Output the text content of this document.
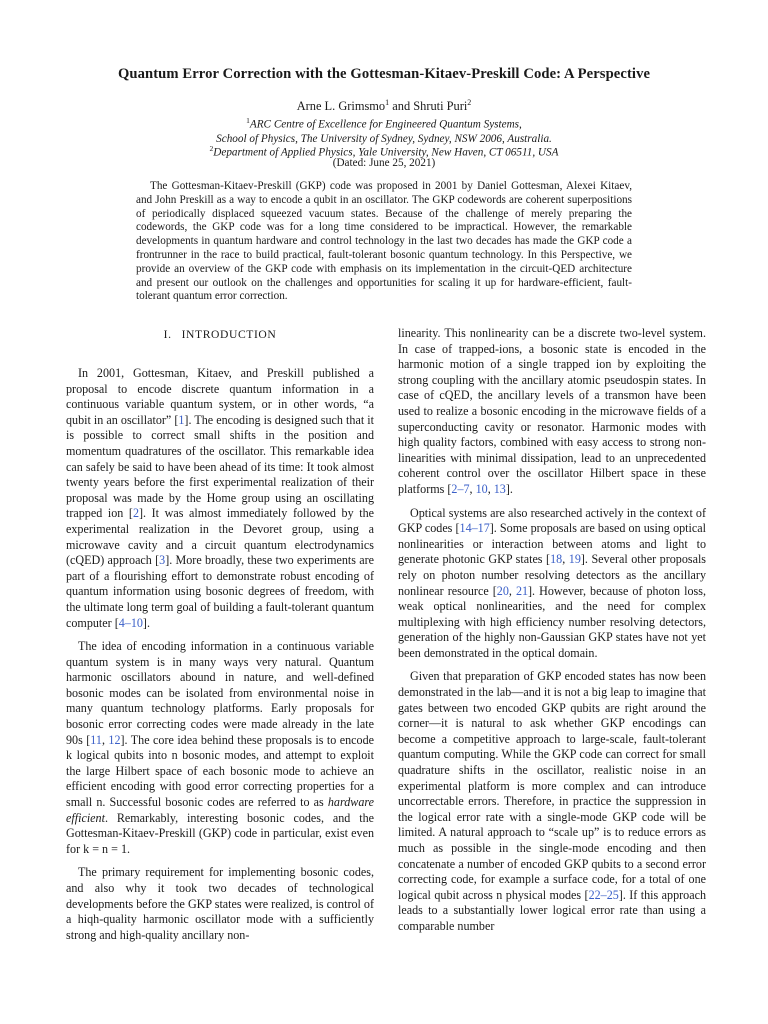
Quantum Error Correction with the Gottesman-Kitaev-Preskill Code: A Perspective
Arne L. Grimsmo$^1$ and Shruti Puri$^2$
$^1$ARC Centre of Excellence for Engineered Quantum Systems,
School of Physics, The University of Sydney, Sydney, NSW 2006, Australia.
$^2$Department of Applied Physics, Yale University, New Haven, CT 06511, USA
(Dated: June 25, 2021)
The Gottesman-Kitaev-Preskill (GKP) code was proposed in 2001 by Daniel Gottesman, Alexei Kitaev, and John Preskill as a way to encode a qubit in an oscillator. The GKP codewords are coherent superpositions of periodically displaced squeezed vacuum states. Because of the challenge of merely preparing the codewords, the GKP code was for a long time considered to be impractical. However, the remarkable developments in quantum hardware and control technology in the last two decades has made the GKP code a frontrunner in the race to build practical, fault-tolerant bosonic quantum technology. In this Perspective, we provide an overview of the GKP code with emphasis on its implementation in the circuit-QED architecture and present our outlook on the challenges and opportunities for scaling it up for hardware-efficient, fault-tolerant quantum error correction.
I. INTRODUCTION

In 2001, Gottesman, Kitaev, and Preskill published a proposal to encode discrete quantum information in a continuous variable quantum system, or in other words, “a qubit in an oscillator” [1]. The encoding is designed such that it is possible to correct small shifts in the position and momentum quadratures of the oscillator. This remarkable idea can safely be said to have been ahead of its time: It took almost twenty years before the first experimental realization of their proposal was made by the Home group using an oscillating trapped ion [2]. It was almost immediately followed by the experimental realization in the Devoret group, using a microwave cavity and a circuit quantum electrodynamics (cQED) approach [3]. More broadly, these two experiments are part of a flourishing effort to demonstrate robust encoding of quantum information using bosonic degrees of freedom, with the ultimate long term goal of building a fault-tolerant quantum computer [4–10].

The idea of encoding information in a continuous variable quantum system is in many ways very natural. Quantum harmonic oscillators abound in nature, and well-defined bosonic modes can be isolated from environmental noise in many quantum technology platforms. Early proposals for bosonic error correcting codes were made already in the late 90s [11, 12]. The core idea behind these proposals is to encode k logical qubits into n bosonic modes, and attempt to exploit the large Hilbert space of each bosonic mode to achieve an efficient encoding with good error correcting properties for a small n. Successful bosonic codes are referred to as hardware efficient. Remarkably, interesting bosonic codes, and the Gottesman-Kitaev-Preskill (GKP) code in particular, exist even for k = n = 1.

The primary requirement for implementing bosonic codes, and also why it took two decades of technological developments before the GKP states were realized, is control of a hiqh-quality harmonic oscillator mode with a sufficiently strong and high-quality ancillary non-

linearity. This nonlinearity can be a discrete two-level system. In case of trapped-ions, a bosonic state is encoded in the harmonic motion of a single trapped ion by exploiting the strong coupling with the ancillary atomic pseudospin states. In case of cQED, the ancillary levels of a transmon have been used to realize a bosonic encoding in the microwave fields of a superconducting cavity or resonator. Harmonic modes with high quality factors, combined with easy access to strong non-linearities with minimal dissipation, lead to an unprecedented coherent control over the oscillator Hilbert space in these platforms [2–7, 10, 13].

Optical systems are also researched actively in the context of GKP codes [14–17]. Some proposals are based on using optical nonlinearities or interaction between atoms and light to generate photonic GKP states [18, 19]. Several other proposals rely on photon number resolving detectors as the ancillary nonlinear resource [20, 21]. However, because of photon loss, weak optical nonlinearities, and the need for complex multiplexing with high efficiency number resolving detectors, generation of the highly non-Gaussian GKP states have not yet been demonstrated in the optical domain.

Given that preparation of GKP encoded states has now been demonstrated in the lab—and it is not a big leap to imagine that gates between two encoded GKP qubits are right around the corner—it is natural to ask whether GKP encodings can become a competitive approach to large-scale, fault-tolerant quantum computing. While the GKP code can correct for small quadrature shifts in the oscillator, realistic noise in an experimental platform is more complex and can introduce uncorrectable errors. Therefore, in practice the suppression in the logical error rate with a single-mode GKP code will be limited. A natural approach to “scale up” is to reduce errors as much as possible in the single-mode encoding and then concatenate a number of encoded GKP qubits to a second error correcting code, for example a surface code, for a total of one logical qubit across n physical modes [22–25]. If this approach leads to a substantially lower logical error rate than using a comparable number
